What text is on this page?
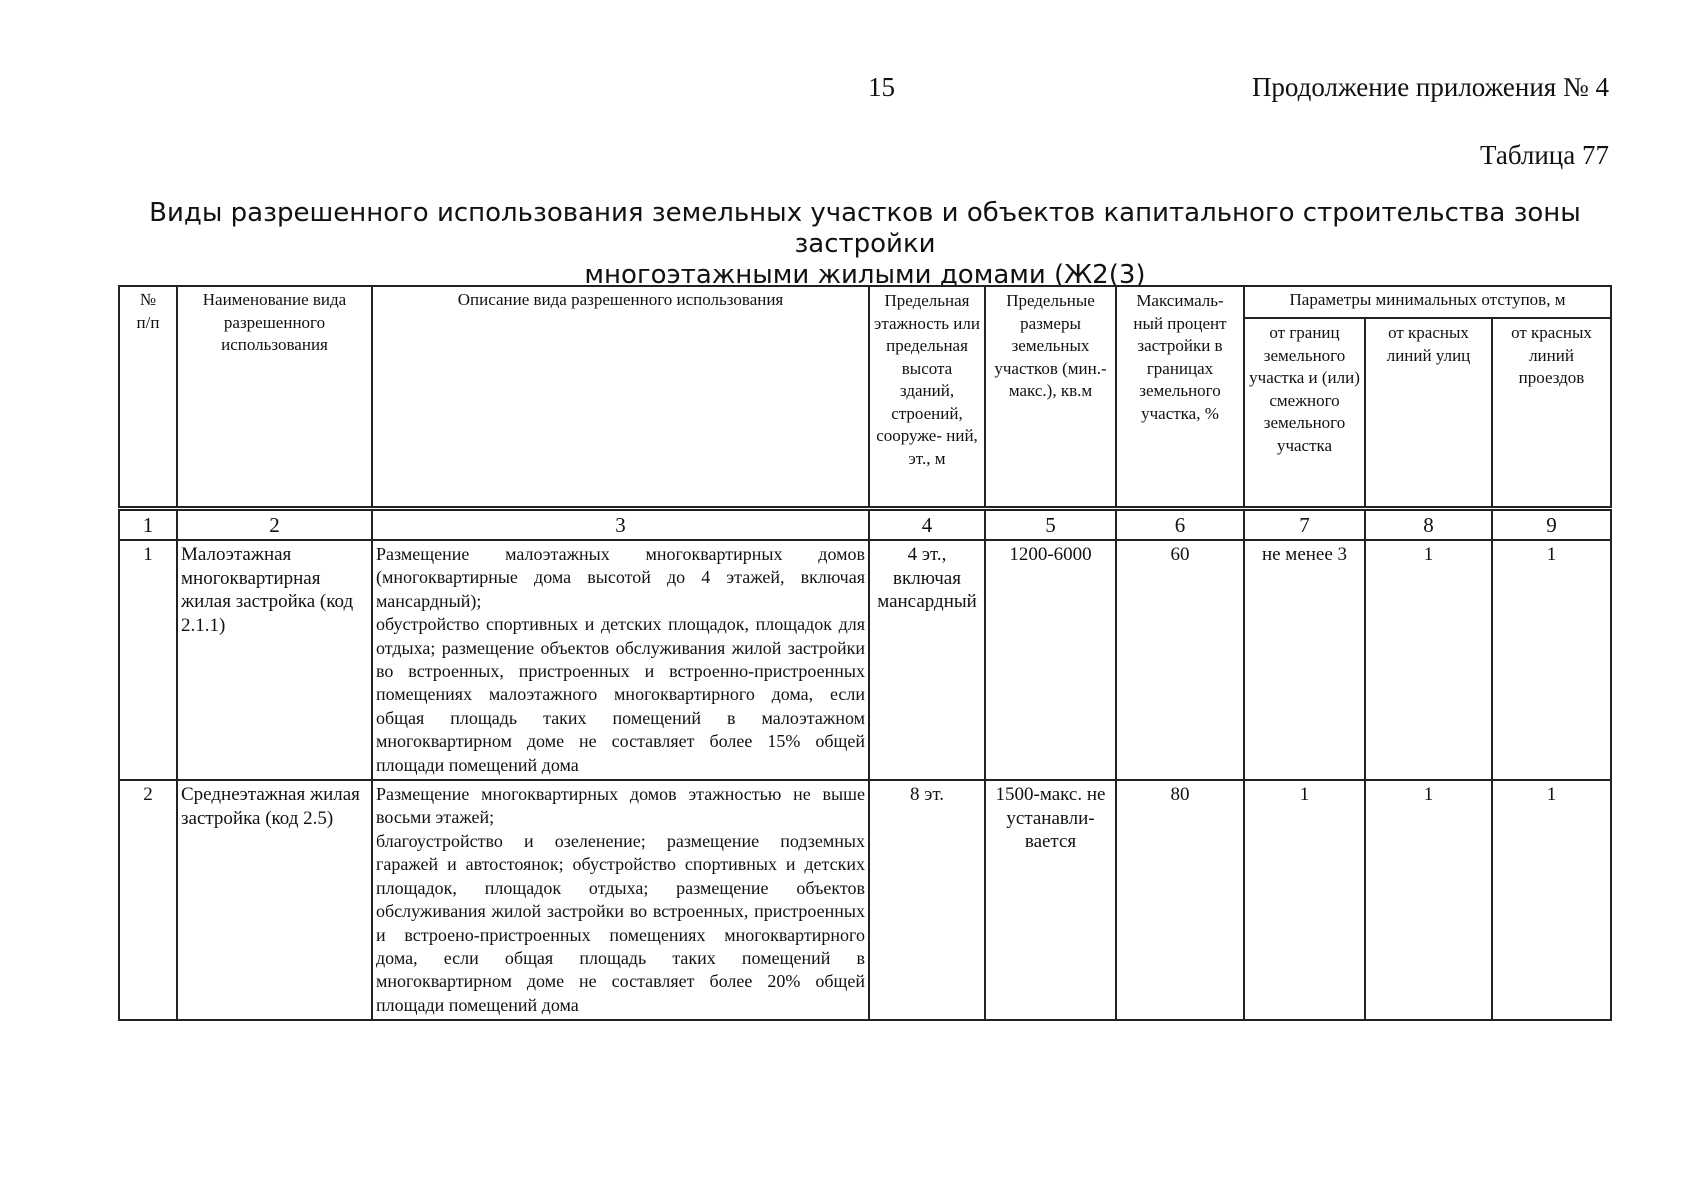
15	Продолжение приложения № 4
Таблица 77
Виды разрешенного использования земельных участков и объектов капитального строительства зоны застройки
многоэтажными жилыми домами (Ж2(3)
№ п/п	Наименование вида разрешенного использования	Описание вида разрешенного использования	Предельная этажность или предельная высота зданий, строений, сооруже- ний, эт., м	Предельные размеры земельных участков (мин.-макс.), кв.м	Максималь- ный процент застройки в границах земельного участка, %	Параметры минимальных отступов, м		

						от границ земельного участка и (или) смежного земельного участка	от красных линий улиц	от красных линий проездов

1	2	3	4	5	6	7	8	9
1	Малоэтажная многоквартирная жилая застройка (код 2.1.1)	Размещение малоэтажных многоквартирных домов (многоквартирные дома высотой до 4 этажей, включая мансардный);
обустройство спортивных и детских площадок, площадок для отдыха; размещение объектов обслуживания жилой застройки во встроенных, пристроенных и встроенно-пристроенных помещениях малоэтажного многоквартирного дома, если общая площадь таких помещений в малоэтажном многоквартирном доме не составляет более 15% общей площади помещений дома	4 эт., включая мансардный	1200-6000	60	не менее 3	1	1
2	Среднеэтажная жилая застройка (код 2.5)	Размещение многоквартирных домов этажностью не выше восьми этажей;
благоустройство и озеленение; размещение подземных гаражей и автостоянок; обустройство спортивных и детских площадок, площадок отдыха; размещение объектов обслуживания жилой застройки во встроенных, пристроенных и встроено-пристроенных помещениях многоквартирного дома, если общая площадь таких помещений в многоквартирном доме не составляет более 20% общей площади помещений дома	8 эт.	1500-макс. не устанавли- вается	80	1	1	1
